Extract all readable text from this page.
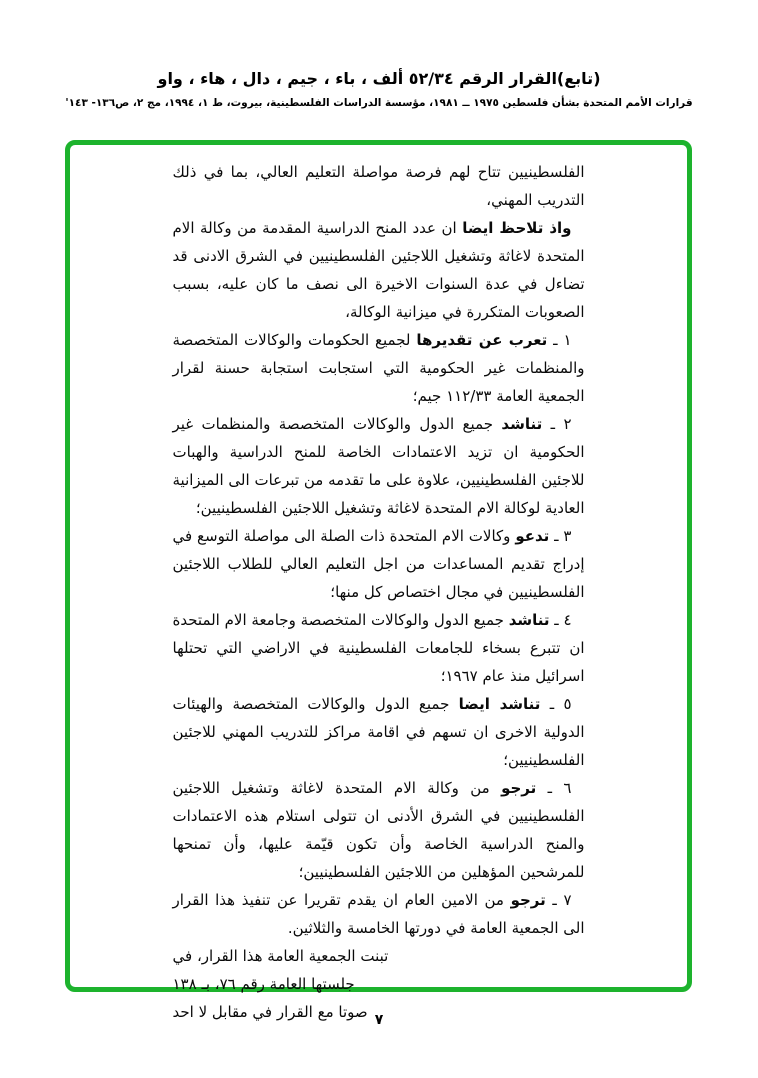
(تابع)القرار الرقم ٥٢/٣٤ ألف ، باء ، جيم ، دال ، هاء ، واو
قرارات الأمم المتحدة بشأن فلسطين ١٩٧٥ ــ ١٩٨١، مؤسسة الدراسات الفلسطينية، بيروت، ط ١، ١٩٩٤، مج ٢، ص١٣٦- ١٤٣'

الفلسطينيين تتاح لهم فرصة مواصلة التعليم العالي، بما في ذلك التدريب المهني،

واذ تلاحظ ايضا ان عدد المنح الدراسية المقدمة من وكالة الام المتحدة لاغاثة وتشغيل اللاجئين الفلسطينيين في الشرق الادنى قد تضاءل في عدة السنوات الاخيرة الى نصف ما كان عليه، بسبب الصعوبات المتكررة في ميزانية الوكالة،

١ ـ تعرب عن تقديرها لجميع الحكومات والوكالات المتخصصة والمنظمات غير الحكومية التي استجابت استجابة حسنة لقرار الجمعية العامة ١١٢/٣٣ جيم؛

٢ ـ تناشد جميع الدول والوكالات المتخصصة والمنظمات غير الحكومية ان تزيد الاعتمادات الخاصة للمنح الدراسية والهبات للاجئين الفلسطينيين، علاوة على ما تقدمه من تبرعات الى الميزانية العادية لوكالة الام المتحدة لاغاثة وتشغيل اللاجئين الفلسطينيين؛

٣ ـ تدعو وكالات الام المتحدة ذات الصلة الى مواصلة التوسع في إدراج تقديم المساعدات من اجل التعليم العالي للطلاب اللاجئين الفلسطينيين في مجال اختصاص كل منها؛

٤ ـ تناشد جميع الدول والوكالات المتخصصة وجامعة الام المتحدة ان تتبرع بسخاء للجامعات الفلسطينية في الاراضي التي تحتلها اسرائيل منذ عام ١٩٦٧؛

٥ ـ تناشد ايضا جميع الدول والوكالات المتخصصة والهيئات الدولية الاخرى ان تسهم في اقامة مراكز للتدريب المهني للاجئين الفلسطينيين؛

٦ ـ ترجو من وكالة الام المتحدة لاغاثة وتشغيل اللاجئين الفلسطينيين في الشرق الأدنى ان تتولى استلام هذه الاعتمادات والمنح الدراسية الخاصة وأن تكون قيّمة عليها، وأن تمنحها للمرشحين المؤهلين من اللاجئين الفلسطينيين؛

٧ ـ ترجو من الامين العام ان يقدم تقريرا عن تنفيذ هذا القرار الى الجمعية العامة في دورتها الخامسة والثلاثين.

تبنت الجمعية العامة هذا القرار، في
جلستها العامة رقم ٧٦، بـ ١٣٨
صوتا مع القرار في مقابل لا احد ٧
